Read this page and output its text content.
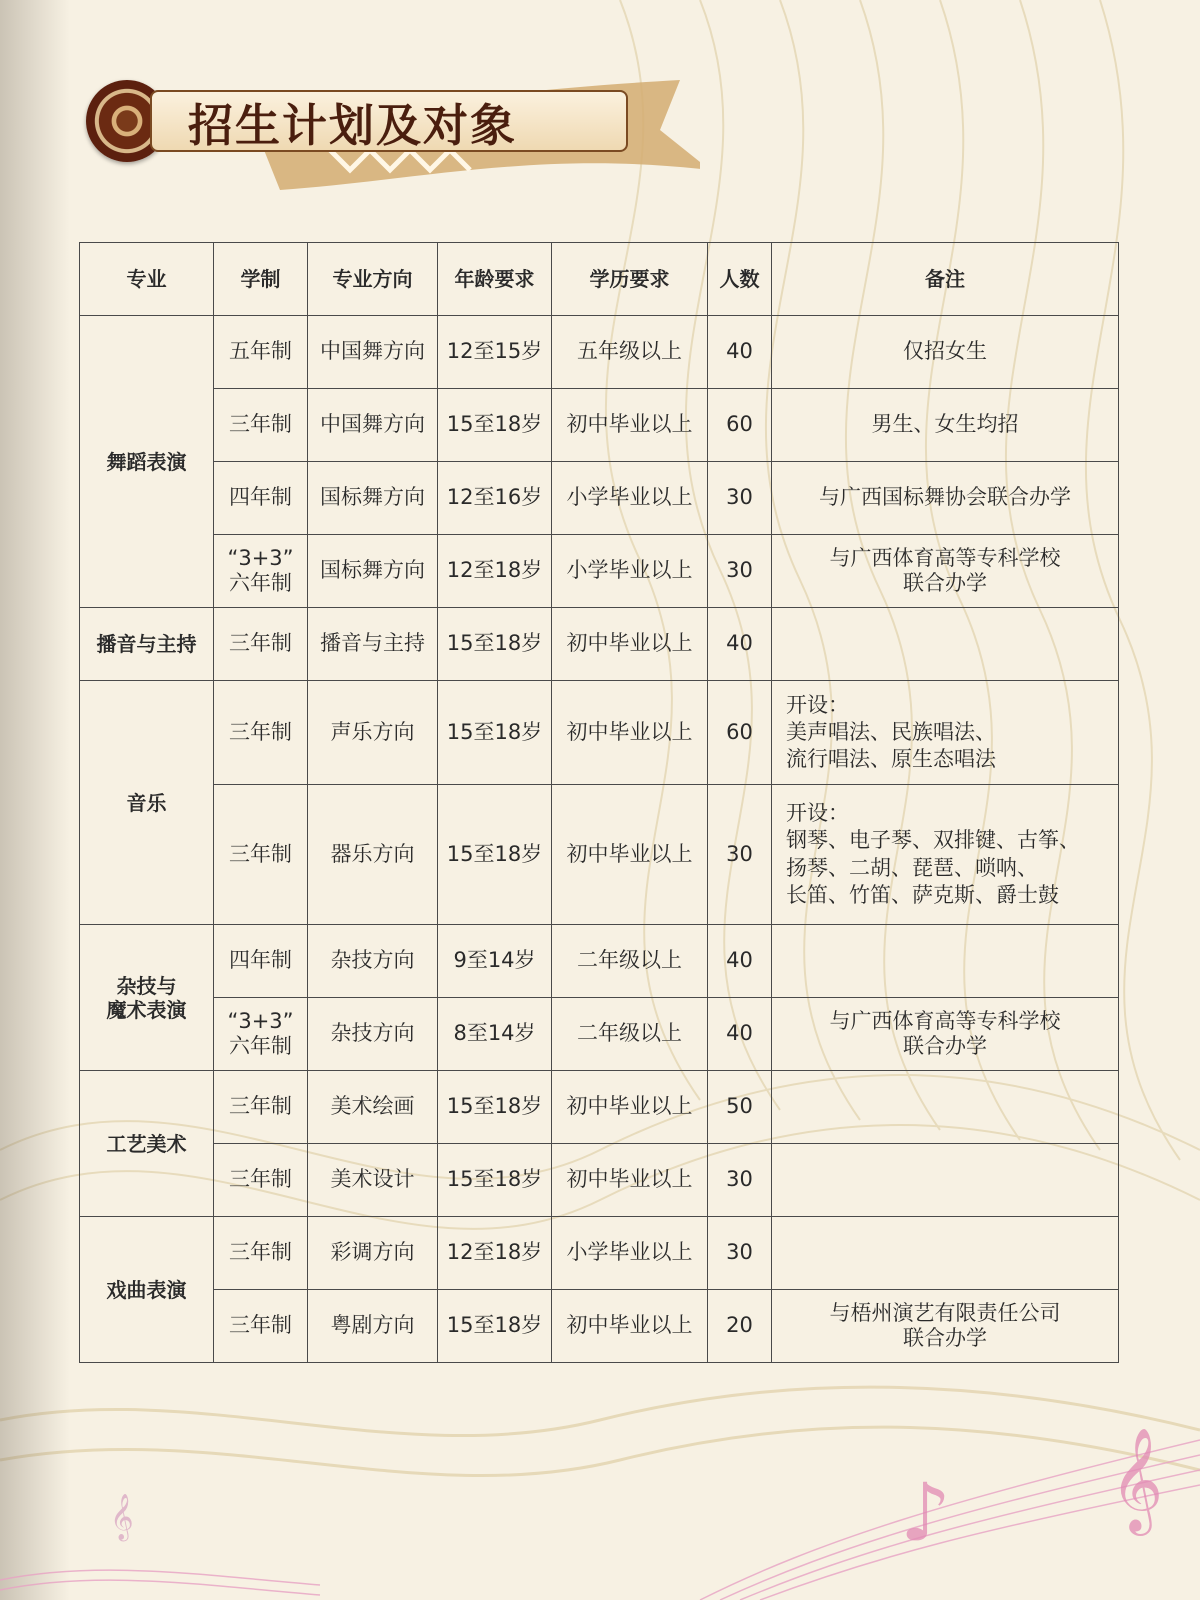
招生计划及对象
专业	学制	专业方向	年龄要求	学历要求	人数	备注
舞蹈表演	五年制	中国舞方向	12至15岁	五年级以上	40	仅招女生
	三年制	中国舞方向	15至18岁	初中毕业以上	60	男生、女生均招
	四年制	国标舞方向	12至16岁	小学毕业以上	30	与广西国标舞协会联合办学
	“3+3”
六年制	国标舞方向	12至18岁	小学毕业以上	30	与广西体育高等专科学校
联合办学
播音与主持	三年制	播音与主持	15至18岁	初中毕业以上	40	
音乐	三年制	声乐方向	15至18岁	初中毕业以上	60	开设：
美声唱法、民族唱法、
流行唱法、原生态唱法
	三年制	器乐方向	15至18岁	初中毕业以上	30	开设：
钢琴、电子琴、双排键、古筝、
扬琴、二胡、琵琶、唢呐、
长笛、竹笛、萨克斯、爵士鼓
杂技与
魔术表演	四年制	杂技方向	9至14岁	二年级以上	40	
	“3+3”
六年制	杂技方向	8至14岁	二年级以上	40	与广西体育高等专科学校
联合办学
工艺美术	三年制	美术绘画	15至18岁	初中毕业以上	50	
	三年制	美术设计	15至18岁	初中毕业以上	30	
戏曲表演	三年制	彩调方向	12至18岁	小学毕业以上	30	
	三年制	粤剧方向	15至18岁	初中毕业以上	20	与梧州演艺有限责任公司
联合办学
♪ 𝄞
𝄞
